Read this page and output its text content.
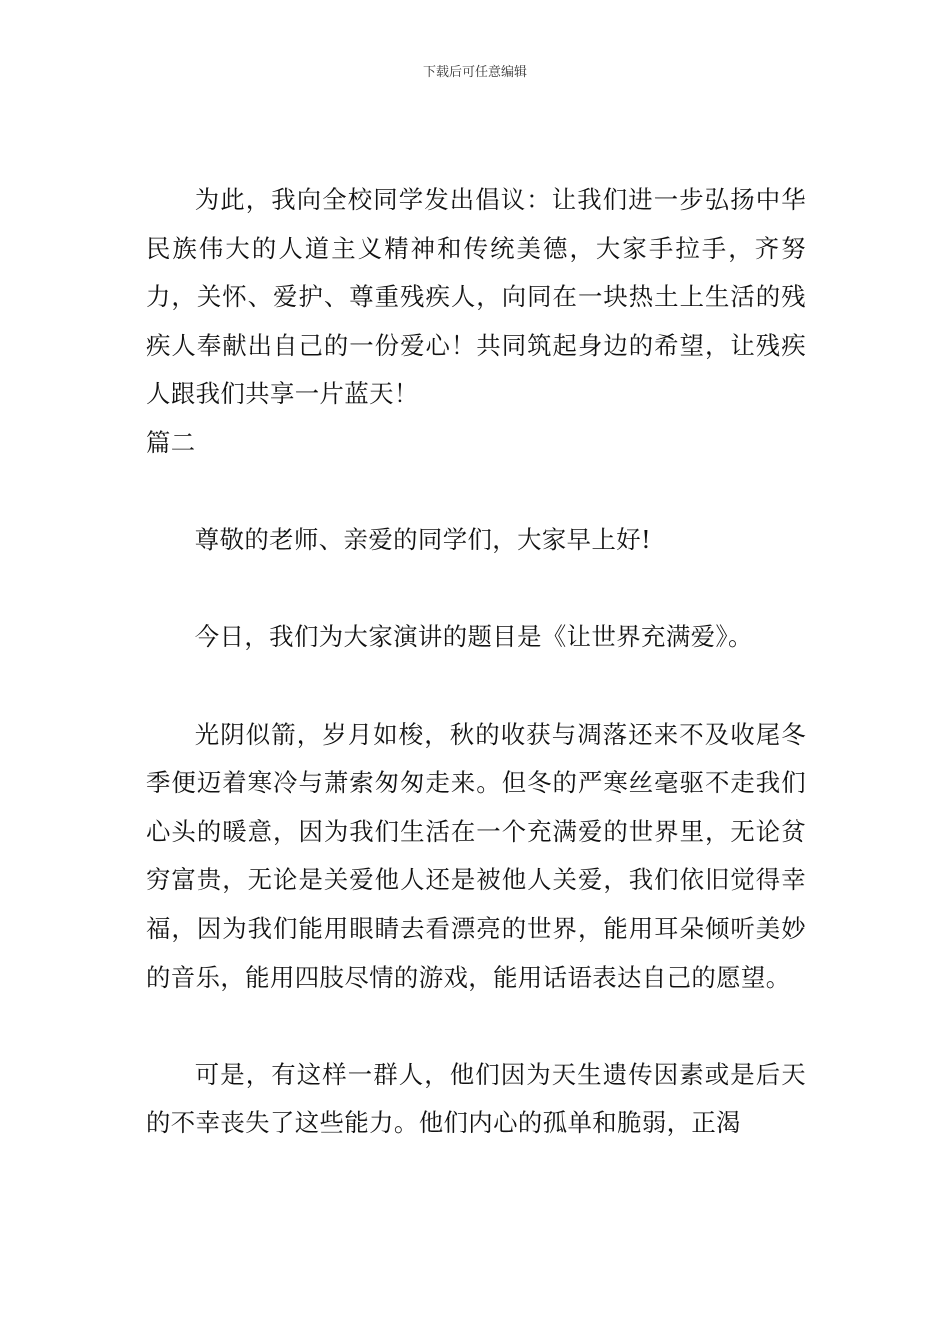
下载后可任意编辑

为此，我向全校同学发出倡议：让我们进一步弘扬中华民族伟大的人道主义精神和传统美德，大家手拉手，齐努力，关怀、爱护、尊重残疾人，向同在一块热土上生活的残疾人奉献出自己的一份爱心！共同筑起身边的希望，让残疾人跟我们共享一片蓝天！

篇二

尊敬的老师、亲爱的同学们，大家早上好!

今日，我们为大家演讲的题目是《让世界充满爱》。

光阴似箭，岁月如梭，秋的收获与凋落还来不及收尾冬季便迈着寒冷与萧索匆匆走来。但冬的严寒丝毫驱不走我们心头的暖意，因为我们生活在一个充满爱的世界里，无论贫穷富贵，无论是关爱他人还是被他人关爱，我们依旧觉得幸福，因为我们能用眼睛去看漂亮的世界，能用耳朵倾听美妙的音乐，能用四肢尽情的游戏，能用话语表达自己的愿望。

可是，有这样一群人，他们因为天生遗传因素或是后天的不幸丧失了这些能力。他们内心的孤单和脆弱，正渴
